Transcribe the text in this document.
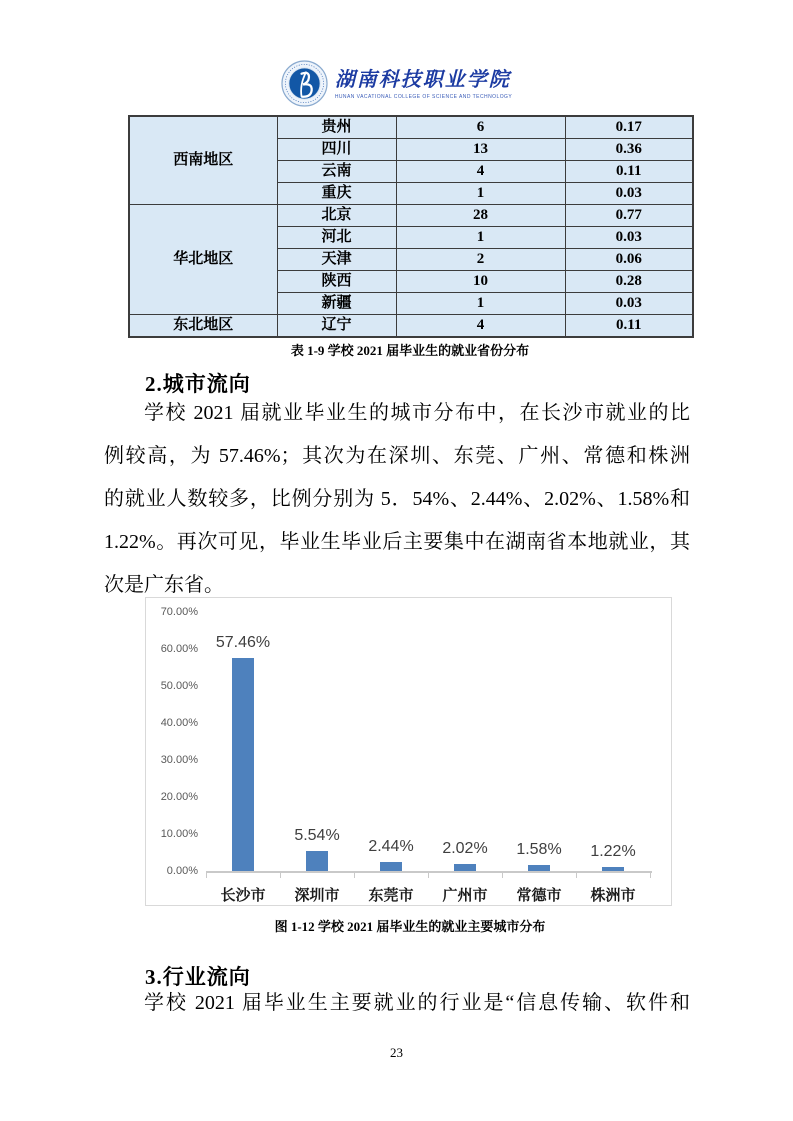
湖南科技职业学院
HUNAN VACATIONAL COLLEGE OF SCIENCE AND TECHNOLOGY
西南地区	贵州	6	0.17
	四川	13	0.36
	云南	4	0.11
	重庆	1	0.03
华北地区	北京	28	0.77
	河北	1	0.03
	天津	2	0.06
	陕西	10	0.28
	新疆	1	0.03
东北地区	辽宁	4	0.11
表 1-9 学校 2021 届毕业生的就业省份分布
2.城市流向
学校 2021 届就业毕业生的城市分布中，在长沙市就业的比
例较高，为 57.46%；其次为在深圳、东莞、广州、常德和株洲
的就业人数较多，比例分别为 5．54%、2.44%、2.02%、1.58%和
1.22%。再次可见，毕业生毕业后主要集中在湖南省本地就业，其
次是广东省。
70.00%
60.00%
50.00%
40.00%
30.00%
20.00%
10.00%
0.00%
57.46%
长沙市
5.54%
深圳市
2.44%
东莞市
2.02%
广州市
1.58%
常德市
1.22%
株洲市
图 1-12 学校 2021 届毕业生的就业主要城市分布
3.行业流向
学校 2021 届毕业生主要就业的行业是“信息传输、软件和
23
